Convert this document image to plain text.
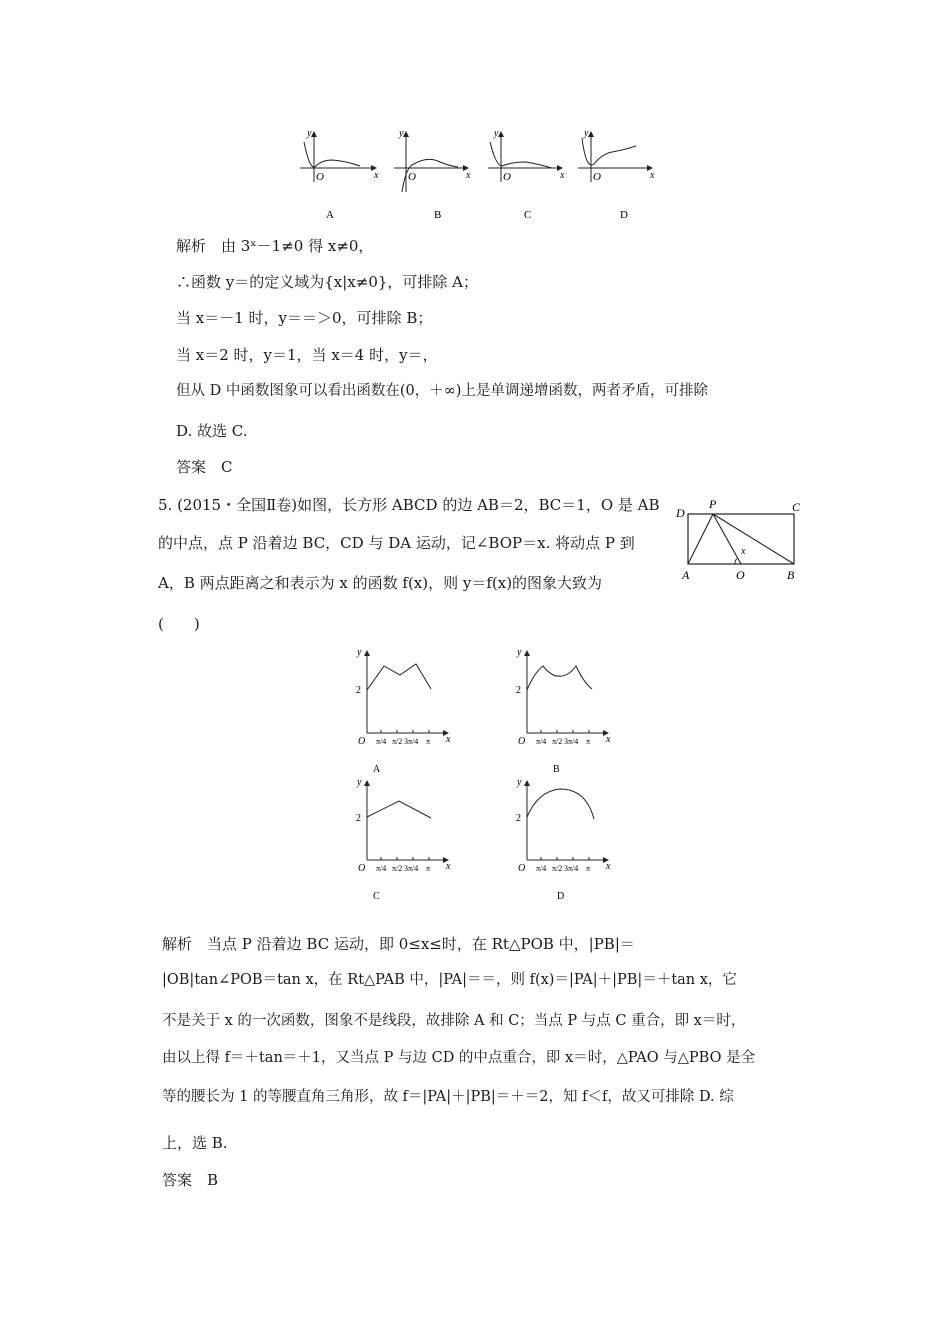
y
x
O
A
y
x
O
B
y
x
O
C
y
x
O
D
解析　由 3ˣ－1≠0 得 x≠0，
∴函数 y＝的定义域为{x|x≠0}，可排除 A；
当 x＝－1 时，y＝＝＞0，可排除 B；
当 x＝2 时，y＝1，当 x＝4 时，y＝，
但从 D 中函数图象可以看出函数在(0，＋∞)上是单调递增函数，两者矛盾，可排除
D. 故选 C.
答案　C
5. (2015・全国Ⅱ卷)如图，长方形 ABCD 的边 AB＝2，BC＝1，O 是 AB
的中点，点 P 沿着边 BC，CD 与 DA 运动，记∠BOP＝x. 将动点 P 到
A，B 两点距离之和表示为 x 的函数 f(x)，则 y＝f(x)的图象大致为
(　　)
D
P	C
A	O	B
x
y
x
O
2
π/4 π/2 3π/4 π
A
y
x
O
2
π/4 π/2 3π/4 π
B
y
x
O
2
π/4 π/2 3π/4 π
C
y
x
O
2
π/4 π/2 3π/4 π
D
解析　当点 P 沿着边 BC 运动，即 0≤x≤时，在 Rt△POB 中，|PB|＝
|OB|tan∠POB＝tan x，在 Rt△PAB 中，|PA|＝＝，则 f(x)＝|PA|＋|PB|＝＋tan x，它
不是关于 x 的一次函数，图象不是线段，故排除 A 和 C；当点 P 与点 C 重合，即 x＝时，
由以上得 f＝＋tan＝＋1，又当点 P 与边 CD 的中点重合，即 x＝时，△PAO 与△PBO 是全
等的腰长为 1 的等腰直角三角形，故 f＝|PA|＋|PB|＝＋＝2，知 f＜f，故又可排除 D. 综
上，选 B.
答案　B
